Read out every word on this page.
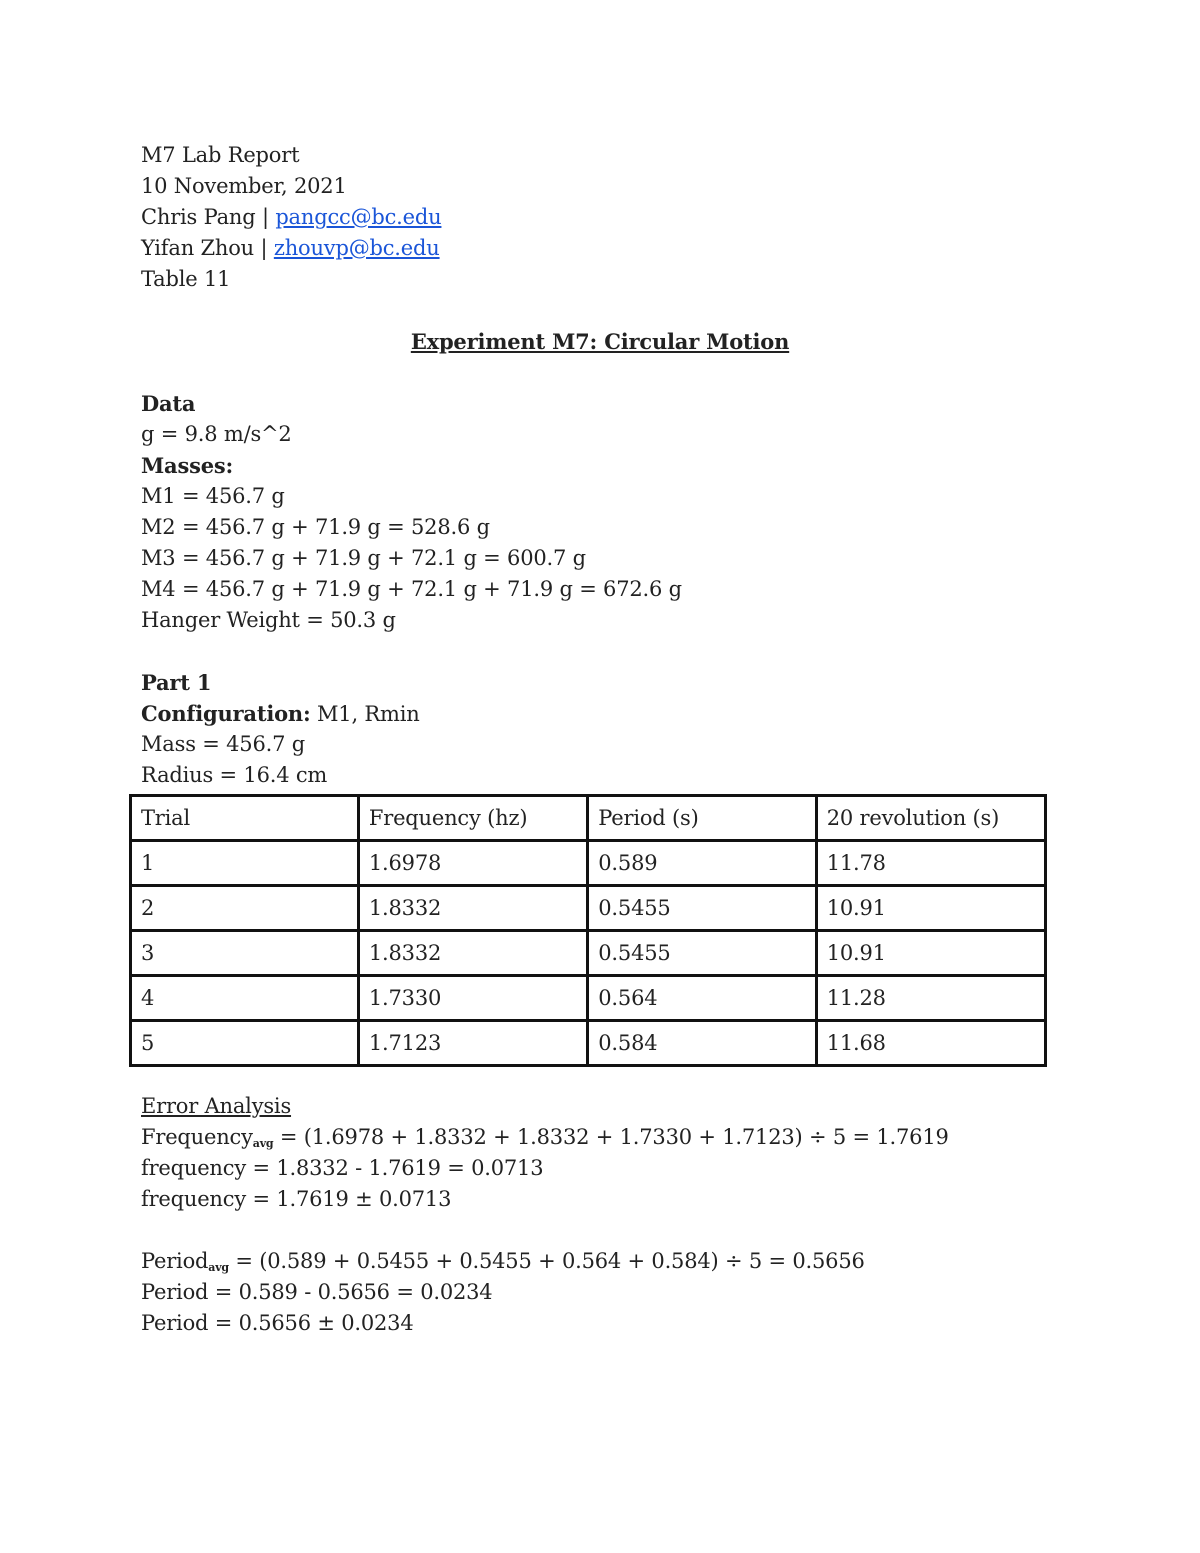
M7 Lab Report
10 November, 2021
Chris Pang | pangcc@bc.edu
Yifan Zhou | zhouvp@bc.edu
Table 11
Experiment M7: Circular Motion
Data
g = 9.8 m/s^2
Masses:
M1 = 456.7 g
M2 = 456.7 g + 71.9 g = 528.6 g
M3 = 456.7 g + 71.9 g + 72.1 g = 600.7 g
M4 = 456.7 g + 71.9 g + 72.1 g + 71.9 g = 672.6 g
Hanger Weight = 50.3 g
Part 1
Configuration: M1, Rmin
Mass = 456.7 g
Radius = 16.4 cm
Trial	Frequency (hz)	Period (s)	20 revolution (s)
1	1.6978	0.589	11.78
2	1.8332	0.5455	10.91
3	1.8332	0.5455	10.91
4	1.7330	0.564	11.28
5	1.7123	0.584	11.68
Error Analysis
Frequency$_{avg}$ = (1.6978 + 1.8332 + 1.8332 + 1.7330 + 1.7123) ÷ 5 = 1.7619
frequency = 1.8332 - 1.7619 = 0.0713
frequency = 1.7619 ± 0.0713
Period$_{avg}$ = (0.589 + 0.5455 + 0.5455 + 0.564 + 0.584) ÷ 5 = 0.5656
Period = 0.589 - 0.5656 = 0.0234
Period = 0.5656 ± 0.0234
